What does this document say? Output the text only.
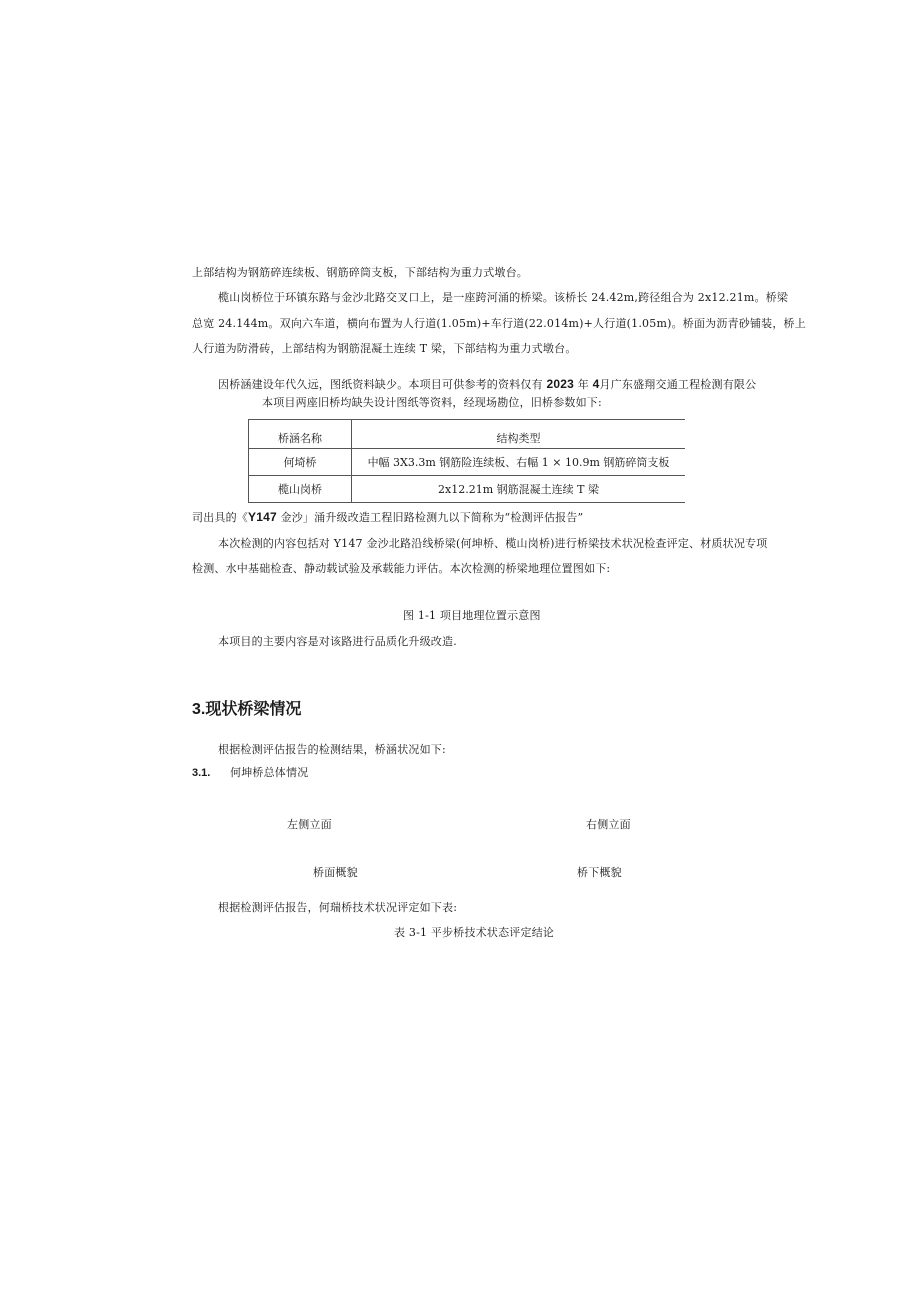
上部结构为钢筋碎连续板、钢筋碎筒支板，下部结构为重力式墩台。
榄山岗桥位于环镇东路与金沙北路交叉口上，是一座跨河涌的桥梁。该桥长 24.42m,跨径组合为 2x12.21m。桥梁
总宽 24.144m。双向六车道，横向布置为人行道(1.05m)+车行道(22.014m)+人行道(1.05m)。桥面为沥青砂铺装，桥上
人行道为防滑砖，上部结构为钢筋混凝土连续 T 梁，下部结构为重力式墩台。
因桥涵建设年代久远，图纸资料缺少。本项目可供参考的资料仅有 2023 年 4月广东盛翔交通工程检测有限公
本项目两座旧桥均缺失设计图纸等资料，经现场勘位，旧桥参数如下:
桥涵名称	结构类型
何埼桥	中幅 3X3.3m 钢筋险连续板、右幅 1 × 10.9m 钢筋碎筒支板
榄山岗桥	2x12.21m 钢筋混凝土连续 T 梁
司出具的《Y147 金沙」涌升级改造工程旧路检测九以下简称为“检测评估报告”
本次检测的内容包括对 Y147 金沙北路沿线桥梁(何坤桥、榄山岗桥)进行桥梁技术状况检查评定、材质状况专项
检测、水中基础检查、静动载试验及承载能力评估。本次检测的桥梁地理位置图如下:
图 1-1 项目地理位置示意图
本项目的主要内容是对该路进行品质化升级改造.
3.现状桥梁情况
根据检测评估报告的检测结果，桥涵状况如下:
3.1. 何坤桥总体情况
左侧立面	右侧立面
桥面概貌	桥下概貌
根据检测评估报告，何瑞桥技术状况评定如下表:
表 3-1 平步桥技术状态评定结论
